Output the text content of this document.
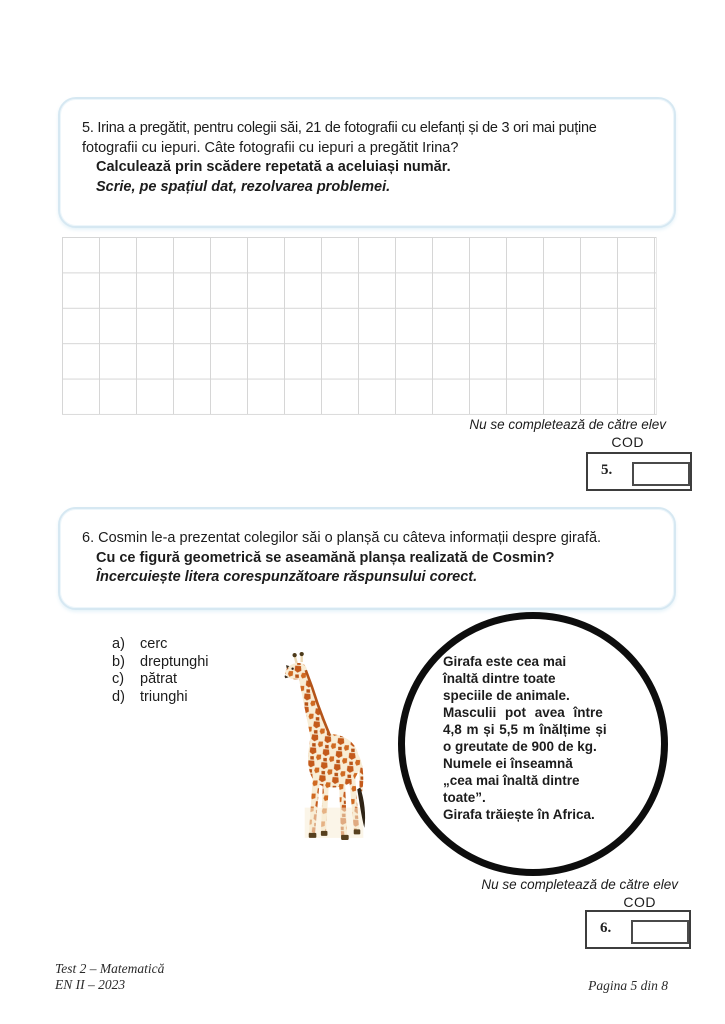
5. Irina a pregătit, pentru colegii săi, 21 de fotografii cu elefanți și de 3 ori mai puține
fotografii cu iepuri. Câte fotografii cu iepuri a pregătit Irina?
Calculează prin scădere repetată a aceluiași număr.
Scrie, pe spațiul dat, rezolvarea problemei.
Nu se completează de către elev
COD
5.
6. Cosmin le-a prezentat colegilor săi o planșă cu câteva informații despre girafă.
Cu ce figură geometrică se aseamănă planșa realizată de Cosmin?
Încercuiește litera corespunzătoare răspunsului corect.
a)	cerc
b)	dreptunghi
c)	pătrat
d)	triunghi
Girafa este cea mai
înaltă dintre toate
speciile de animale.
Masculii pot avea între
4,8 m și 5,5 m înălțime și
o greutate de 900 de kg.
Numele ei înseamnă
„cea mai înaltă dintre
toate”.
Girafa trăiește în Africa.
Nu se completează de către elev
COD
6.
Test 2 – Matematică
EN II – 2023	Pagina 5 din 8
